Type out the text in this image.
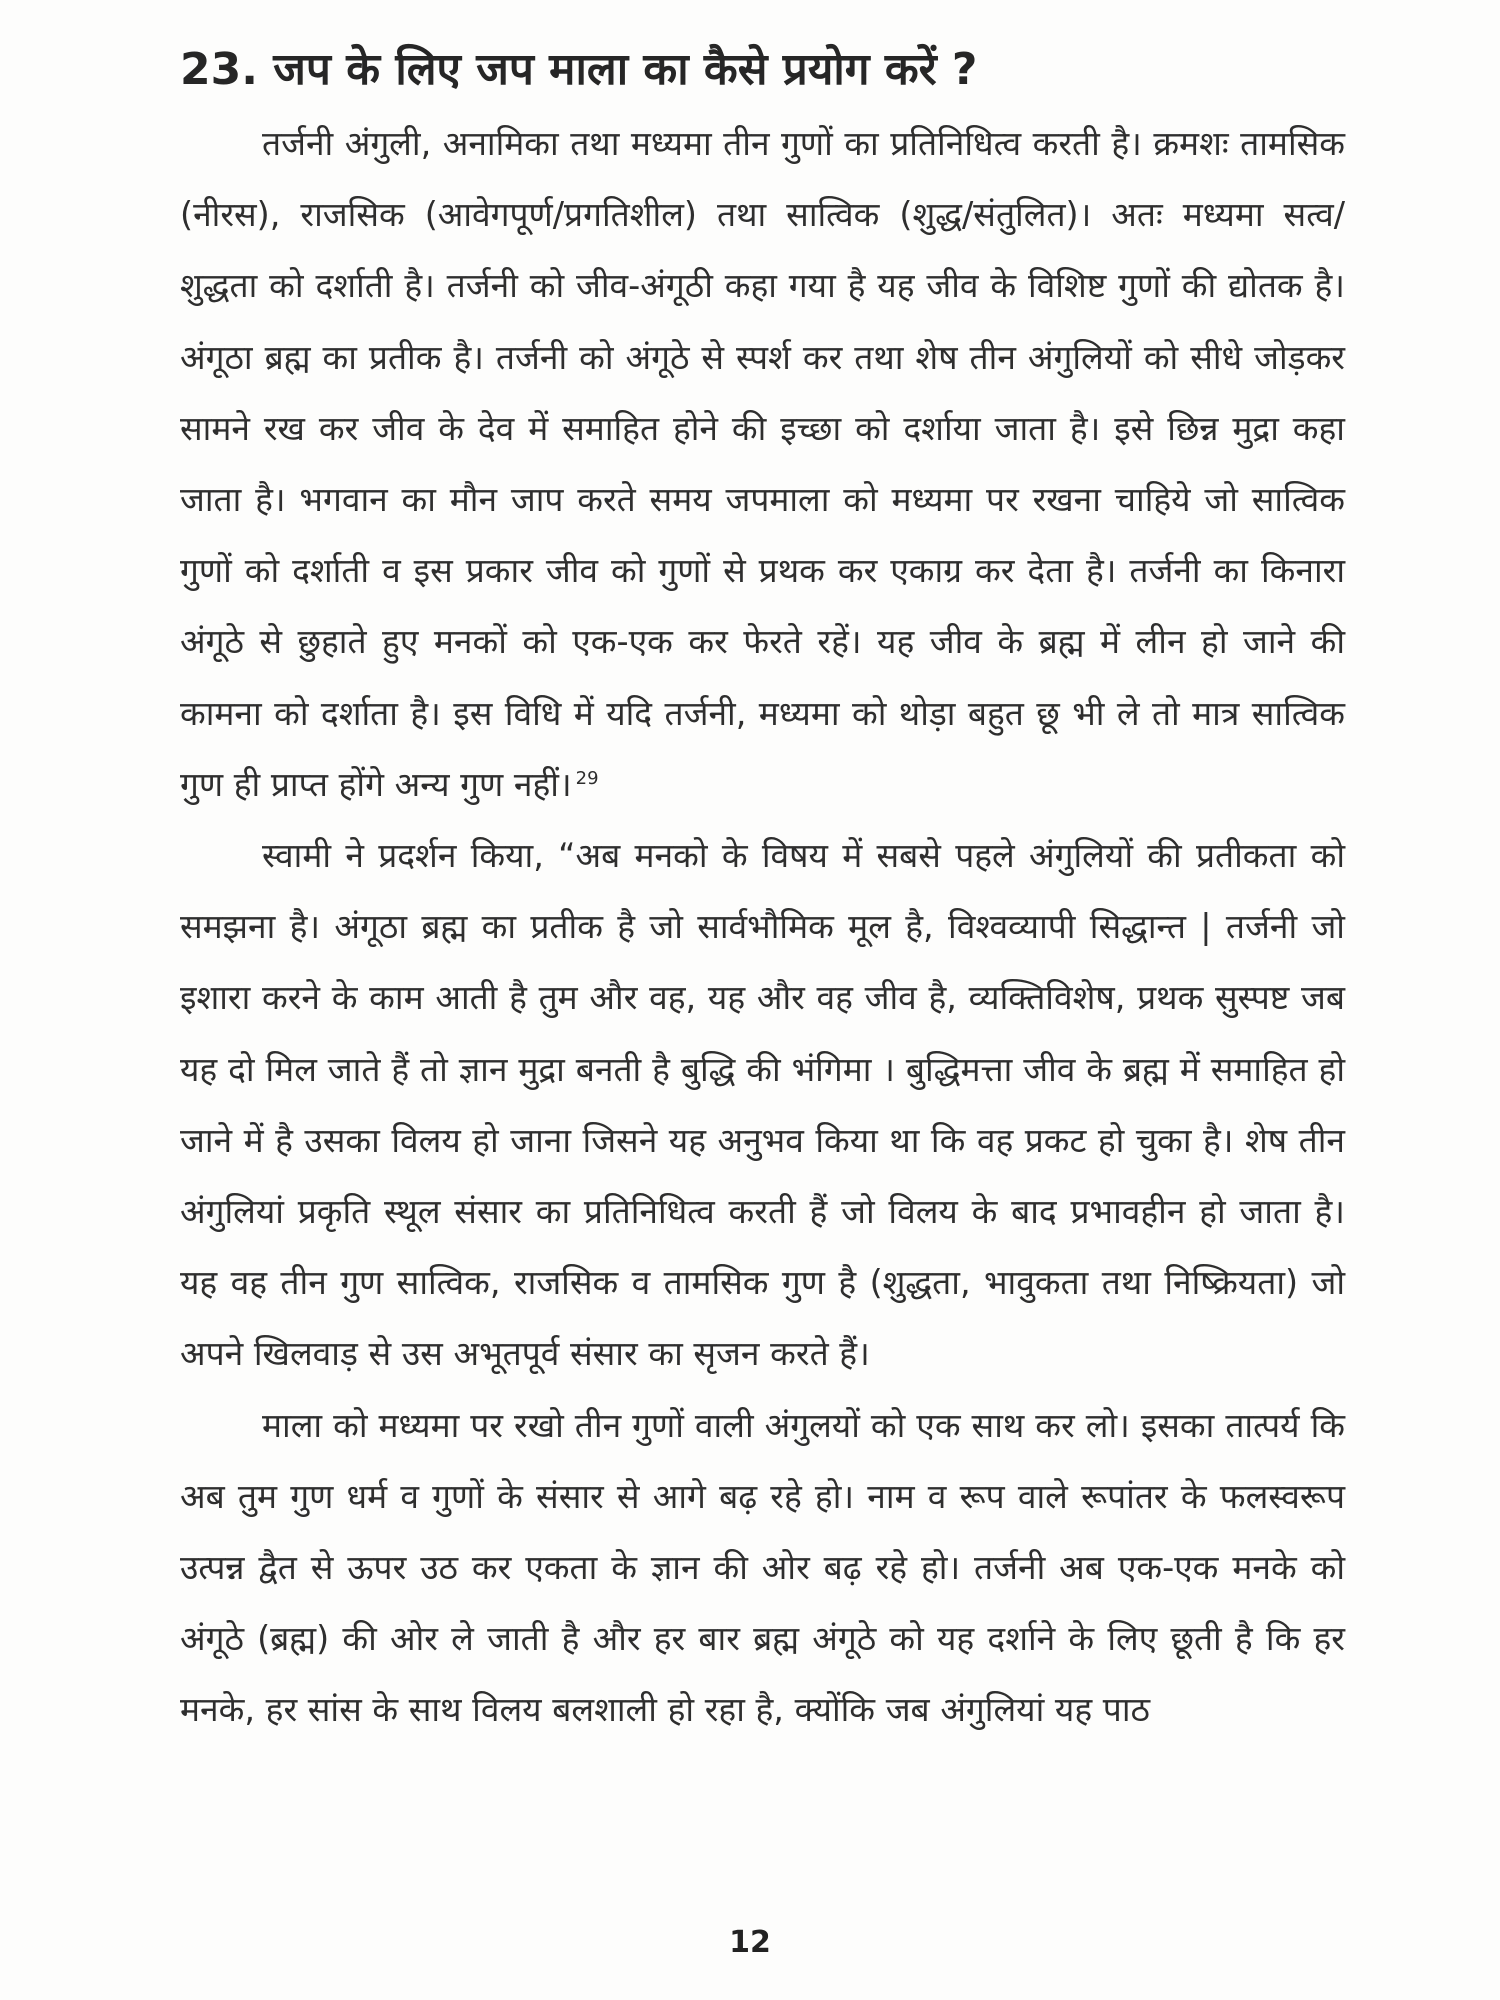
23. जप के लिए जप माला का कैसे प्रयोग करें ?

तर्जनी अंगुली, अनामिका तथा मध्यमा तीन गुणों का प्रतिनिधित्व करती है। क्रमशः तामसिक (नीरस), राजसिक (आवेगपूर्ण/प्रगतिशील) तथा सात्विक (शुद्ध/संतुलित)। अतः मध्यमा सत्व/शुद्धता को दर्शाती है। तर्जनी को जीव-अंगूठी कहा गया है यह जीव के विशिष्ट गुणों की द्योतक है। अंगूठा ब्रह्म का प्रतीक है। तर्जनी को अंगूठे से स्पर्श कर तथा शेष तीन अंगुलियों को सीधे जोड़कर सामने रख कर जीव के देव में समाहित होने की इच्छा को दर्शाया जाता है। इसे छिन्न मुद्रा कहा जाता है। भगवान का मौन जाप करते समय जपमाला को मध्यमा पर रखना चाहिये जो सात्विक गुणों को दर्शाती व इस प्रकार जीव को गुणों से प्रथक कर एकाग्र कर देता है। तर्जनी का किनारा अंगूठे से छुहाते हुए मनकों को एक-एक कर फेरते रहें। यह जीव के ब्रह्म में लीन हो जाने की कामना को दर्शाता है। इस विधि में यदि तर्जनी, मध्यमा को थोड़ा बहुत छू भी ले तो मात्र सात्विक गुण ही प्राप्त होंगे अन्य गुण नहीं। $^{29}$

स्वामी ने प्रदर्शन किया, “अब मनको के विषय में सबसे पहले अंगुलियों की प्रतीकता को समझना है। अंगूठा ब्रह्म का प्रतीक है जो सार्वभौमिक मूल है, विश्वव्यापी सिद्धान्त | तर्जनी जो इशारा करने के काम आती है तुम और वह, यह और वह जीव है, व्यक्तिविशेष, प्रथक सुस्पष्ट जब यह दो मिल जाते हैं तो ज्ञान मुद्रा बनती है बुद्धि की भंगिमा । बुद्धिमत्ता जीव के ब्रह्म में समाहित हो जाने में है उसका विलय हो जाना जिसने यह अनुभव किया था कि वह प्रकट हो चुका है। शेष तीन अंगुलियां प्रकृति स्थूल संसार का प्रतिनिधित्व करती हैं जो विलय के बाद प्रभावहीन हो जाता है। यह वह तीन गुण सात्विक, राजसिक व तामसिक गुण है (शुद्धता, भावुकता तथा निष्क्रियता) जो अपने खिलवाड़ से उस अभूतपूर्व संसार का सृजन करते हैं।

माला को मध्यमा पर रखो तीन गुणों वाली अंगुलयों को एक साथ कर लो। इसका तात्पर्य कि अब तुम गुण धर्म व गुणों के संसार से आगे बढ़ रहे हो। नाम व रूप वाले रूपांतर के फलस्वरूप उत्पन्न द्वैत से ऊपर उठ कर एकता के ज्ञान की ओर बढ़ रहे हो। तर्जनी अब एक-एक मनके को अंगूठे (ब्रह्म) की ओर ले जाती है और हर बार ब्रह्म अंगूठे को यह दर्शाने के लिए छूती है कि हर मनके, हर सांस के साथ विलय बलशाली हो रहा है, क्योंकि जब अंगुलियां यह पाठ

12
